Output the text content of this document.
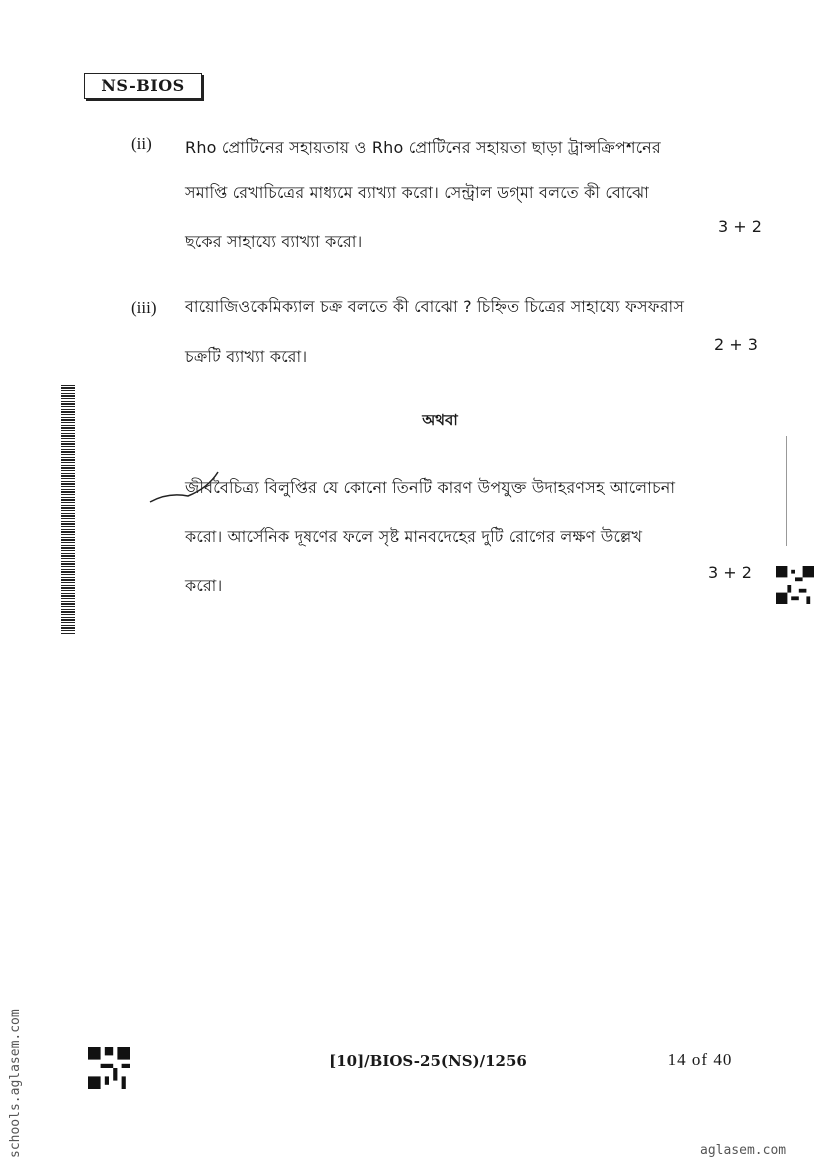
NS-BIOS
(ii) Rho প্রোটিনের সহায়তায় ও Rho প্রোটিনের সহায়তা ছাড়া ট্রান্সক্রিপশনের
সমাপ্তি রেখাচিত্রের মাধ্যমে ব্যাখ্যা করো। সেন্ট্রাল ডগ্‌মা বলতে কী বোঝো
ছকের সাহায্যে ব্যাখ্যা করো।
3 + 2
(iii) বায়োজিওকেমিক্যাল চক্র বলতে কী বোঝো ? চিহ্নিত চিত্রের সাহায্যে ফসফরাস
চক্রটি ব্যাখ্যা করো।
2 + 3
অথবা
জীববৈচিত্র্য বিলুপ্তির যে কোনো তিনটি কারণ উপযুক্ত উদাহরণসহ আলোচনা
করো। আর্সেনিক দূষণের ফলে সৃষ্ট মানবদেহের দুটি রোগের লক্ষণ উল্লেখ
করো।
3 + 2
[10]/BIOS-25(NS)/1256	14 of 40
schools.aglasem.com	aglasem.com
